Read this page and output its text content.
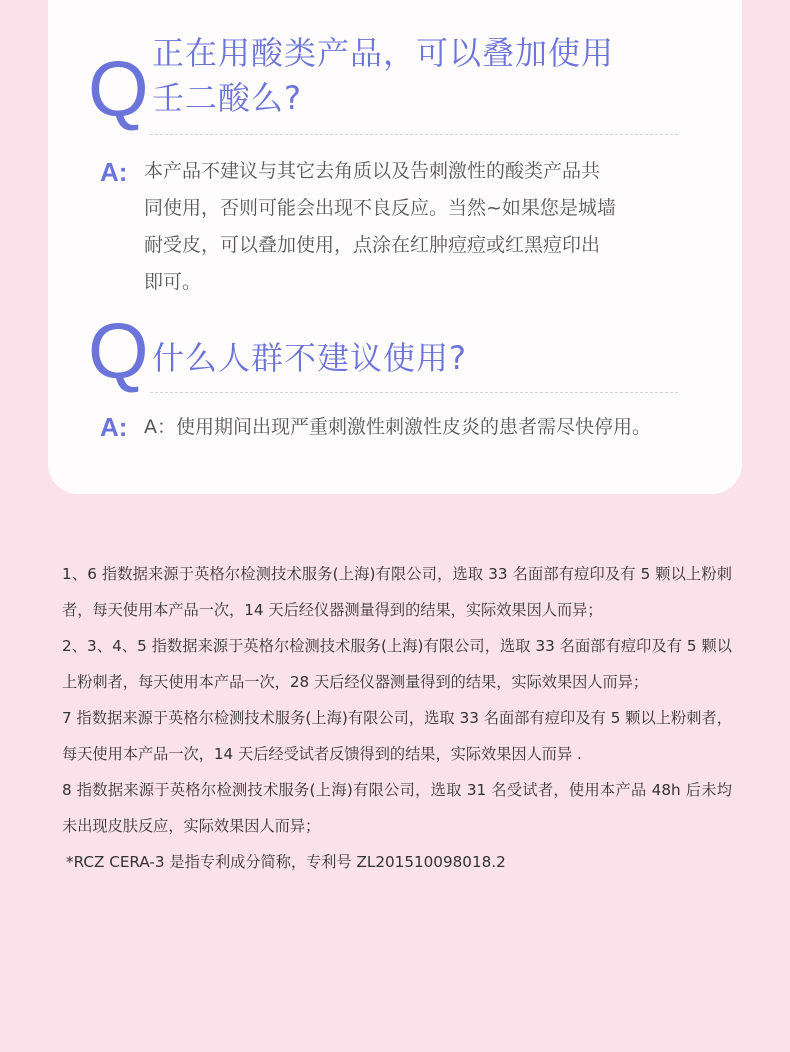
Q 正在用酸类产品，可以叠加使用
壬二酸么?
A: 本产品不建议与其它去角质以及告刺激性的酸类产品共
同使用，否则可能会出现不良反应。当然~如果您是城墙
耐受皮，可以叠加使用，点涂在红肿痘痘或红黑痘印出
即可。
Q 什么人群不建议使用?
A: A：使用期间出现严重刺激性刺激性皮炎的患者需尽快停用。

1、6 指数据来源于英格尔检测技术服务(上海)有限公司，选取 33 名面部有痘印及有 5 颗以上粉刺者，每天使用本产品一次，14 天后经仪器测量得到的结果，实际效果因人而异；

2、3、4、5 指数据来源于英格尔检测技术服务(上海)有限公司，选取 33 名面部有痘印及有 5 颗以上粉刺者，每天使用本产品一次，28 天后经仪器测量得到的结果，实际效果因人而异；

7 指数据来源于英格尔检测技术服务(上海)有限公司，选取 33 名面部有痘印及有 5 颗以上粉刺者，每天使用本产品一次，14 天后经受试者反馈得到的结果，实际效果因人而异 .

8 指数据来源于英格尔检测技术服务(上海)有限公司，选取 31 名受试者，使用本产品 48h 后未均未出现皮肤反应，实际效果因人而异；

*RCZ CERA-3 是指专利成分简称，专利号 ZL201510098018.2
